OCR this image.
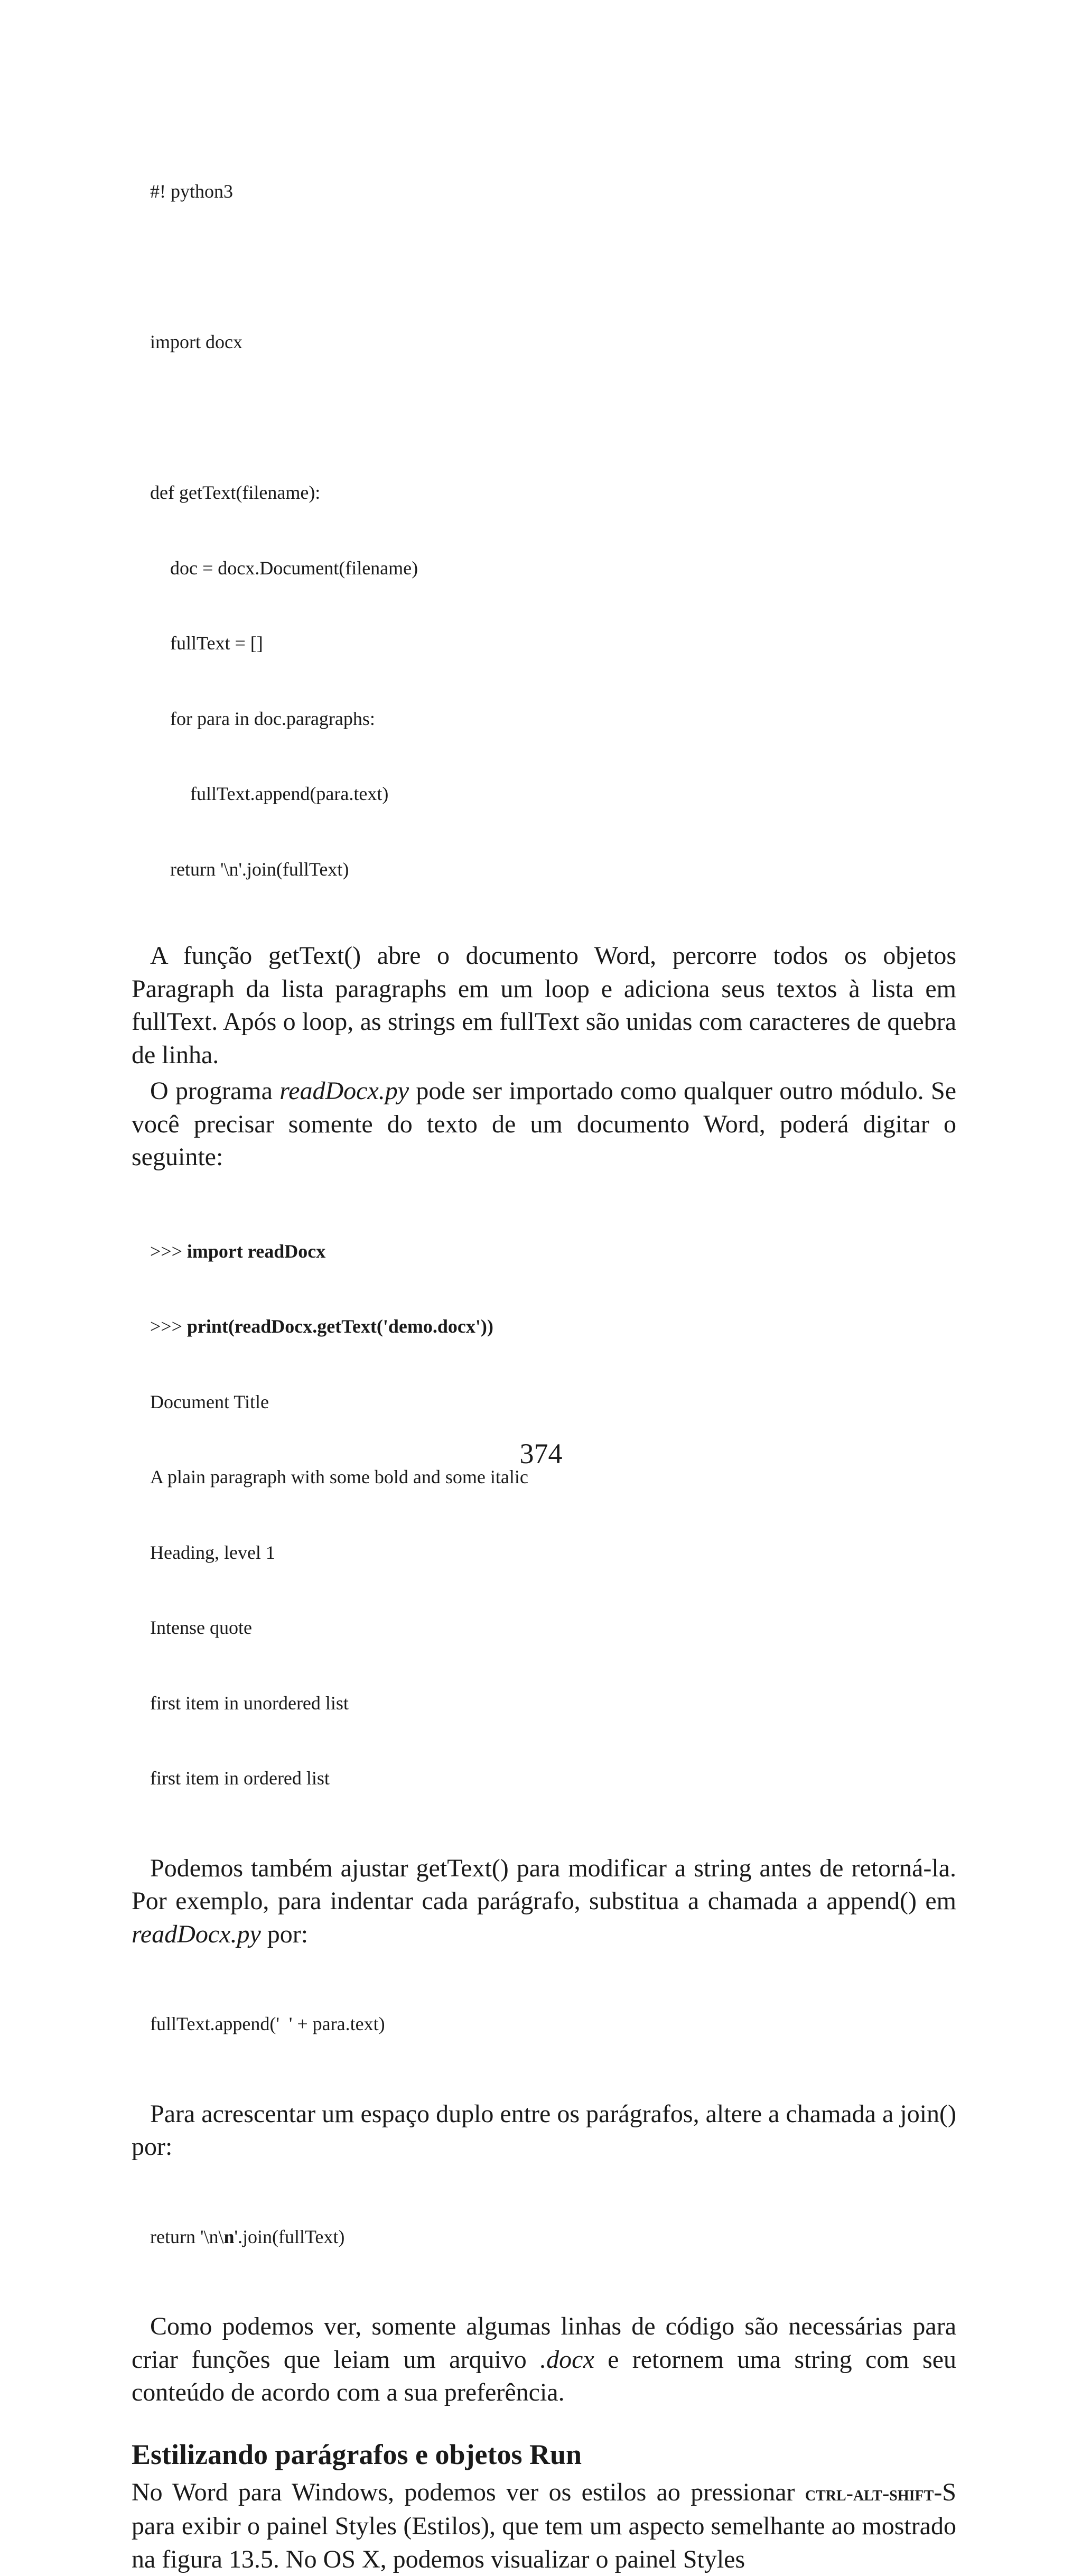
#! python3

import docx

def getText(filename):

doc = docx.Document(filename)

fullText = []

for para in doc.paragraphs:

fullText.append(para.text)

return '\n'.join(fullText)

A função getText() abre o documento Word, percorre todos os objetos Paragraph da lista paragraphs em um loop e adiciona seus textos à lista em fullText. Após o loop, as strings em fullText são unidas com caracteres de quebra de linha.

O programa readDocx.py pode ser importado como qualquer outro módulo. Se você precisar somente do texto de um documento Word, poderá digitar o seguinte:

>>> import readDocx

>>> print(readDocx.getText('demo.docx'))

Document Title

A plain paragraph with some bold and some italic

Heading, level 1

Intense quote

first item in unordered list

first item in ordered list

Podemos também ajustar getText() para modificar a string antes de retorná-la. Por exemplo, para indentar cada parágrafo, substitua a chamada a append() em readDocx.py por:

fullText.append('  ' + para.text)

Para acrescentar um espaço duplo entre os parágrafos, altere a chamada a join() por:

return '\n\n'.join(fullText)

Como podemos ver, somente algumas linhas de código são necessárias para criar funções que leiam um arquivo .docx e retornem uma string com seu conteúdo de acordo com a sua preferência.

Estilizando parágrafos e objetos Run

No Word para Windows, podemos ver os estilos ao pressionar ctrl-alt-shift-S para exibir o painel Styles (Estilos), que tem um aspecto semelhante ao mostrado na figura 13.5. No OS X, podemos visualizar o painel Styles

374
